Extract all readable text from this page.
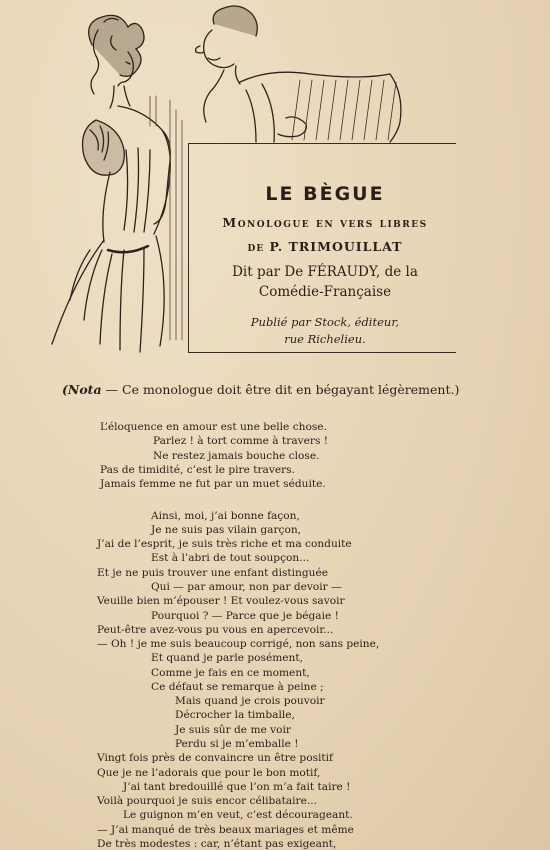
LE BÈGUE
Monologue en vers libres
de P. TRIMOUILLAT
Dit par De FÉRAUDY, de la
Comédie-Française
Publié par Stock, éditeur,
rue Richelieu.
(Nota — Ce monologue doit être dit en bégayant légèrement.)
L’éloquence en amour est une belle chose.
Parlez ! à tort comme à travers !
Ne restez jamais bouche close.
Pas de timidité, c’est le pire travers.
Jamais femme ne fut par un muet séduite.
Ainsi, moi, j’ai bonne façon,
Je ne suis pas vilain garçon,
J’ai de l’esprit, je suis très riche et ma conduite
Est à l’abri de tout soupçon...
Et je ne puis trouver une enfant distinguée
Qui — par amour, non par devoir —
Veuille bien m’épouser ! Et voulez-vous savoir
Pourquoi ? — Parce que je bégaie !
Peut-être avez-vous pu vous en apercevoir...
— Oh ! je me suis beaucoup corrigé, non sans peine,
Et quand je parle posément,
Comme je fais en ce moment,
Ce défaut se remarque à peine ;
Mais quand je crois pouvoir
Décrocher la timballe,
Je suis sûr de me voir
Perdu si je m’emballe !
Vingt fois près de convaincre un être positif
Que je ne l’adorais que pour le bon motif,
J’ai tant bredouillé que l’on m’a fait taire !
Voilà pourquoi je suis encor célibataire...
Le guignon m’en veut, c’est décourageant.
— J’ai manqué de très beaux mariages et même
De très modestes : car, n’étant pas exigeant,
